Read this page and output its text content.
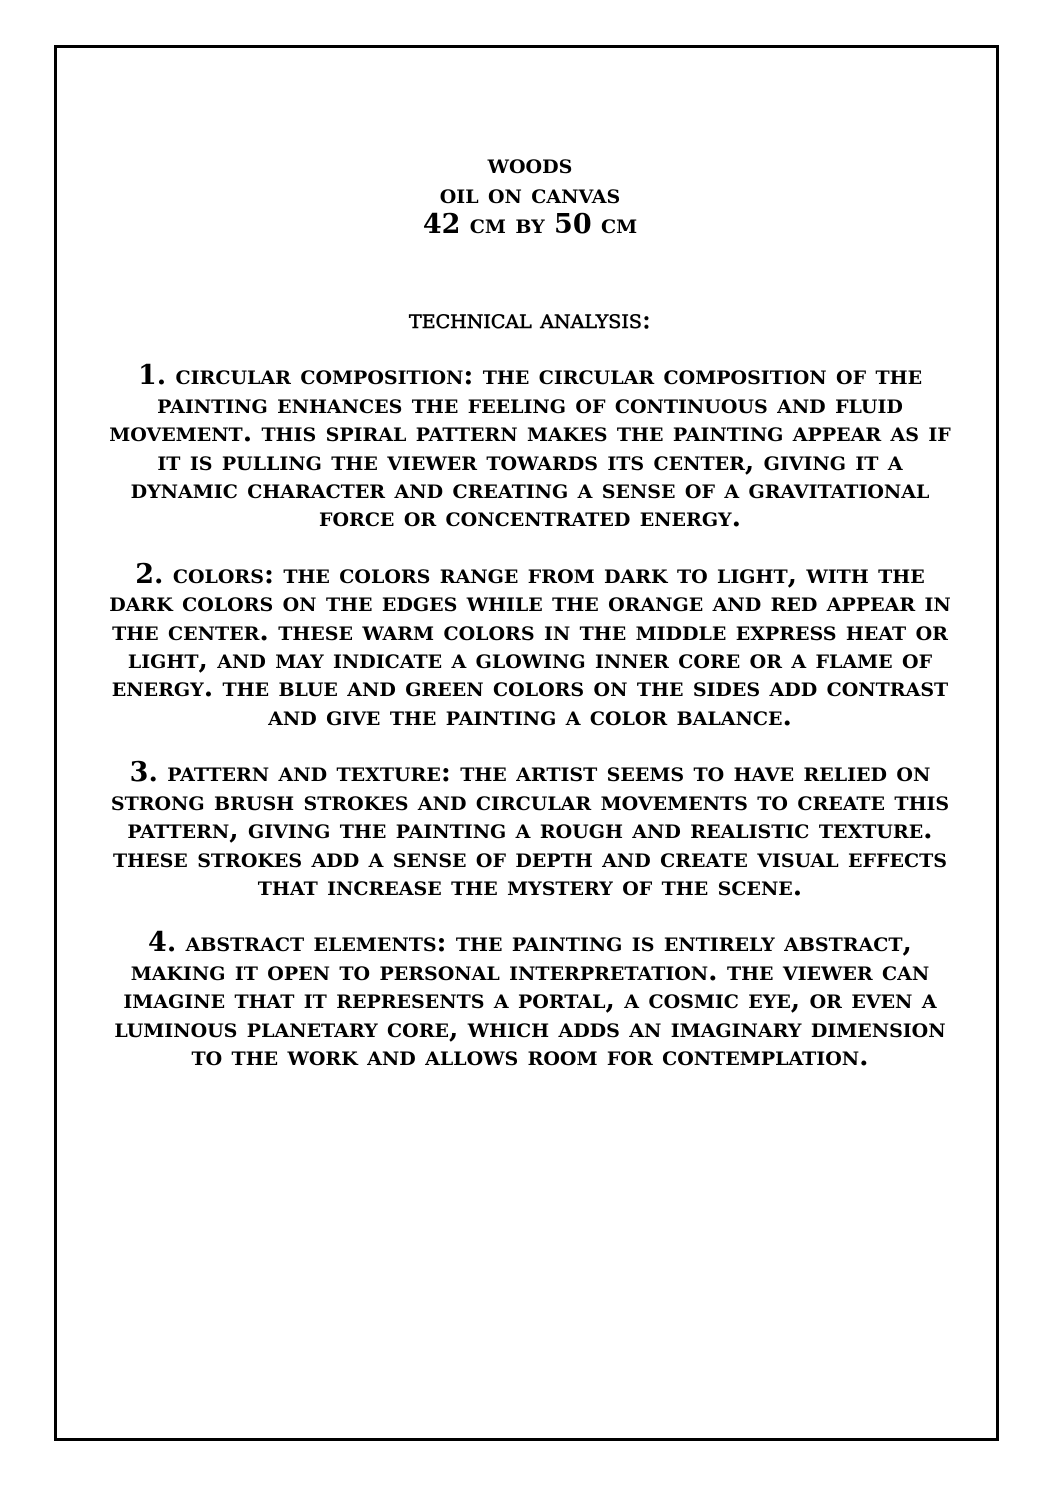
woods
oil on canvas
42 cm by 50 cm
technical analysis:

1. circular composition: the circular composition of the painting enhances the feeling of continuous and fluid movement. this spiral pattern makes the painting appear as if it is pulling the viewer towards its center, giving it a dynamic character and creating a sense of a gravitational force or concentrated energy.

2. colors: the colors range from dark to light, with the dark colors on the edges while the orange and red appear in the center. these warm colors in the middle express heat or light, and may indicate a glowing inner core or a flame of energy. the blue and green colors on the sides add contrast and give the painting a color balance.

3. pattern and texture: the artist seems to have relied on strong brush strokes and circular movements to create this pattern, giving the painting a rough and realistic texture. these strokes add a sense of depth and create visual effects that increase the mystery of the scene.

4. abstract elements: the painting is entirely abstract, making it open to personal interpretation. the viewer can imagine that it represents a portal, a cosmic eye, or even a luminous planetary core, which adds an imaginary dimension to the work and allows room for contemplation.
